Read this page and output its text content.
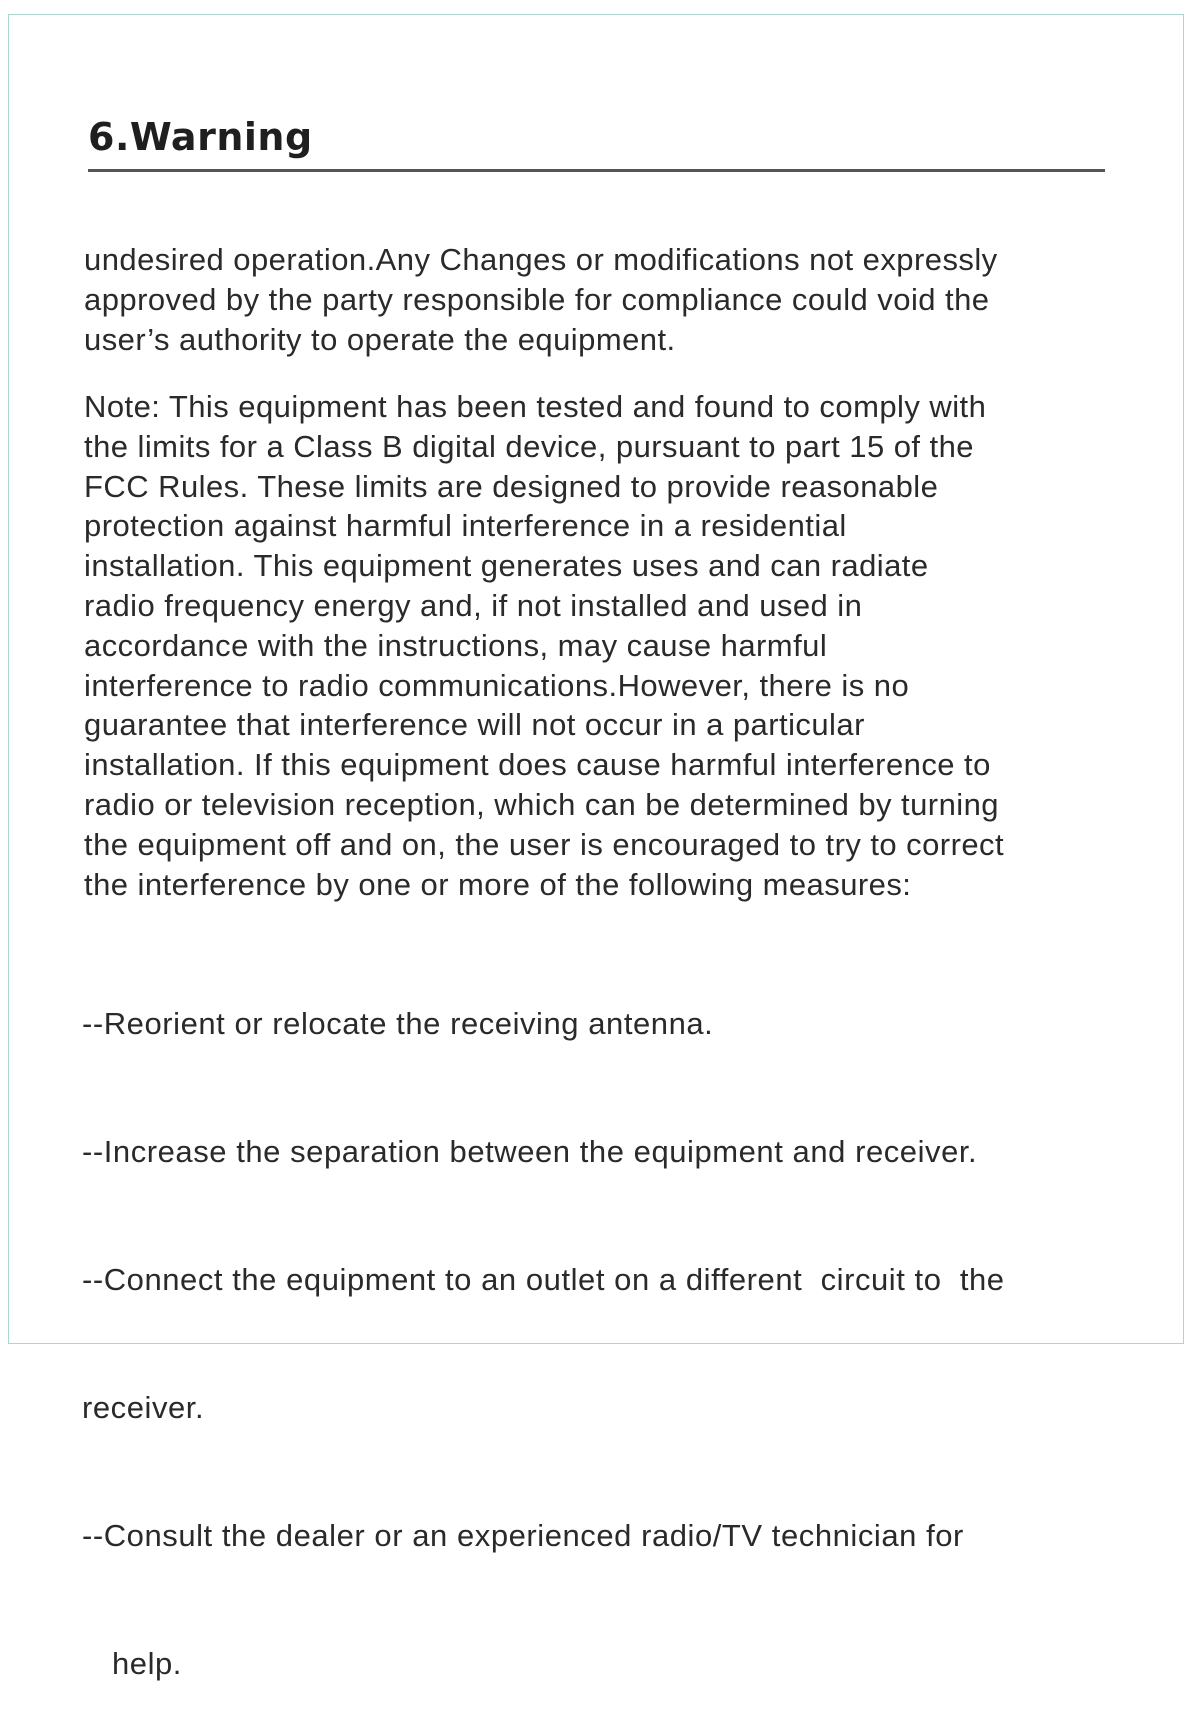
6.Warning

undesired operation.Any Changes or modifications not expressly
approved by the party responsible for compliance could void the
user’s authority to operate the equipment.

Note: This equipment has been tested and found to comply with
the limits for a Class B digital device, pursuant to part 15 of the
FCC Rules. These limits are designed to provide reasonable
protection against harmful interference in a residential
installation. This equipment generates uses and can radiate
radio frequency energy and, if not installed and used in
accordance with the instructions, may cause harmful
interference to radio communications.However, there is no
guarantee that interference will not occur in a particular
installation. If this equipment does cause harmful interference to
radio or television reception, which can be determined by turning
the equipment off and on, the user is encouraged to try to correct
the interference by one or more of the following measures:

--Reorient or relocate the receiving antenna.

--Increase the separation between the equipment and receiver.

--Connect the equipment to an outlet on a different  circuit to  the

receiver.

--Consult the dealer or an experienced radio/TV technician for

help.
